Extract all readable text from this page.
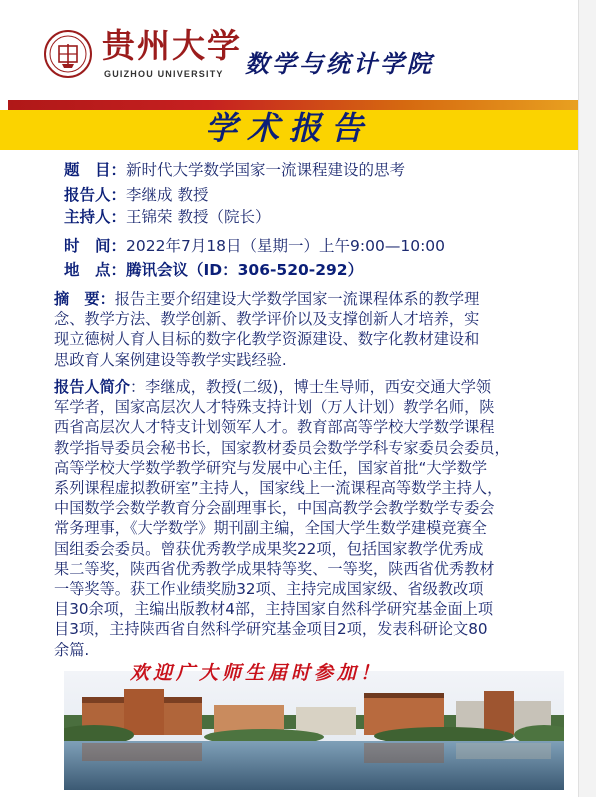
贵州大学
GUIZHOU UNIVERSITY 数学与统计学院
学术报告
题　目：新时代大学数学国家一流课程建设的思考
报告人：李继成 教授
主持人：王锦荣 教授（院长）
时　间：2022年7月18日（星期一）上午9:00—10:00
地　点：腾讯会议（ID：306-520-292）
摘　要：报告主要介绍建设大学数学国家一流课程体系的教学理
念、教学方法、教学创新、教学评价以及支撑创新人才培养，实
现立德树人育人目标的数字化教学资源建设、数字化教材建设和
思政育人案例建设等教学实践经验.
报告人简介：李继成，教授(二级)，博士生导师，西安交通大学领
军学者，国家高层次人才特殊支持计划（万人计划）教学名师，陕
西省高层次人才特支计划领军人才。教育部高等学校大学数学课程
教学指导委员会秘书长，国家教材委员会数学学科专家委员会委员，
高等学校大学数学教学研究与发展中心主任，国家首批“大学数学
系列课程虚拟教研室”主持人，国家线上一流课程高等数学主持人，
中国数学会数学教育分会副理事长，中国高教学会教学数学专委会
常务理事，《大学数学》期刊副主编，全国大学生数学建模竞赛全
国组委会委员。曾获优秀教学成果奖22项，包括国家教学优秀成
果二等奖，陕西省优秀教学成果特等奖、一等奖，陕西省优秀教材
一等奖等。获工作业绩奖励32项、主持完成国家级、省级教改项
目30余项，主编出版教材4部，主持国家自然科学研究基金面上项
目3项，主持陕西省自然科学研究基金项目2项，发表科研论文80
余篇.
欢迎广大师生届时参加！
